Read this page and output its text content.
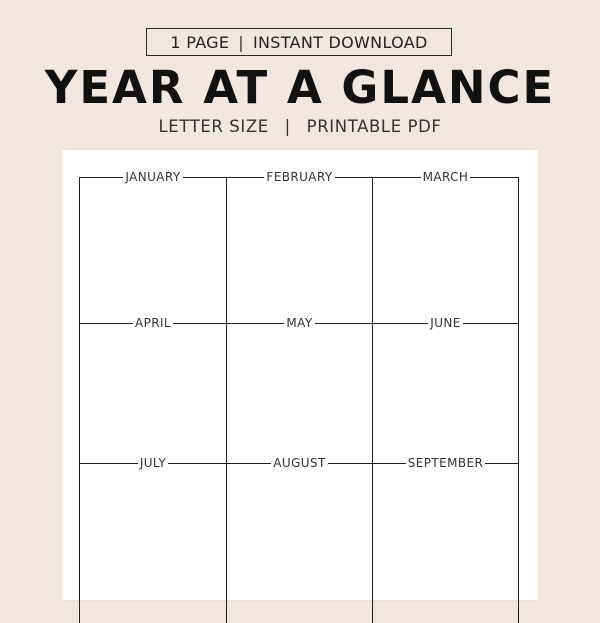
1 PAGE | INSTANT DOWNLOAD
YEAR AT A GLANCE
LETTER SIZE | PRINTABLE PDF
JANUARY	FEBRUARY	MARCH
APRIL	MAY	JUNE
JULY	AUGUST	SEPTEMBER
